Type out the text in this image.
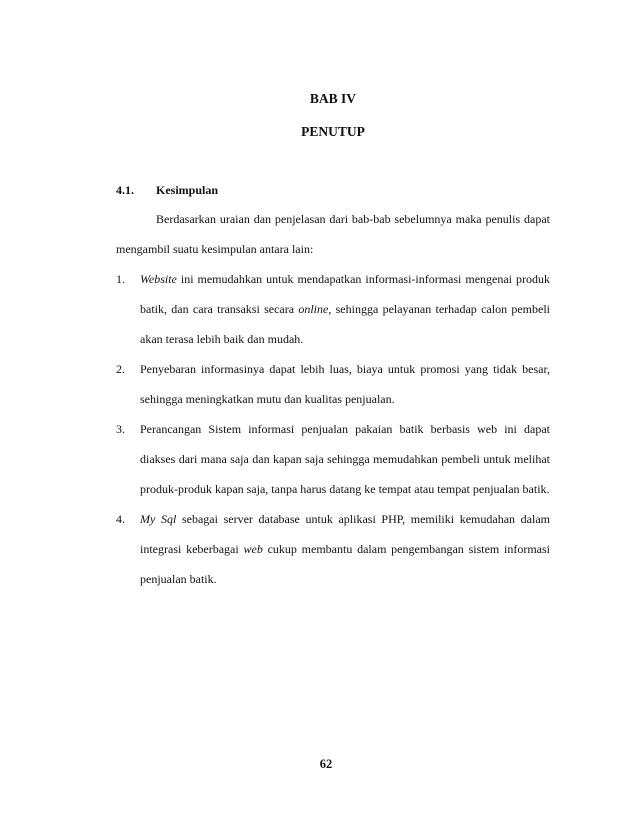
BAB IV
PENUTUP
4.1. Kesimpulan
Berdasarkan uraian dan penjelasan dari bab-bab sebelumnya maka penulis dapat mengambil suatu kesimpulan antara lain:
1. Website ini memudahkan untuk mendapatkan informasi-informasi mengenai produk batik, dan cara transaksi secara online, sehingga pelayanan terhadap calon pembeli akan terasa lebih baik dan mudah.
2. Penyebaran informasinya dapat lebih luas, biaya untuk promosi yang tidak besar, sehingga meningkatkan mutu dan kualitas penjualan.
3. Perancangan Sistem informasi penjualan pakaian batik berbasis web ini dapat diakses dari mana saja dan kapan saja sehingga memudahkan pembeli untuk melihat produk-produk kapan saja, tanpa harus datang ke tempat atau tempat penjualan batik.
4. My Sql sebagai server database untuk aplikasi PHP, memiliki kemudahan dalam integrasi keberbagai web cukup membantu dalam pengembangan sistem informasi penjualan batik.
62
